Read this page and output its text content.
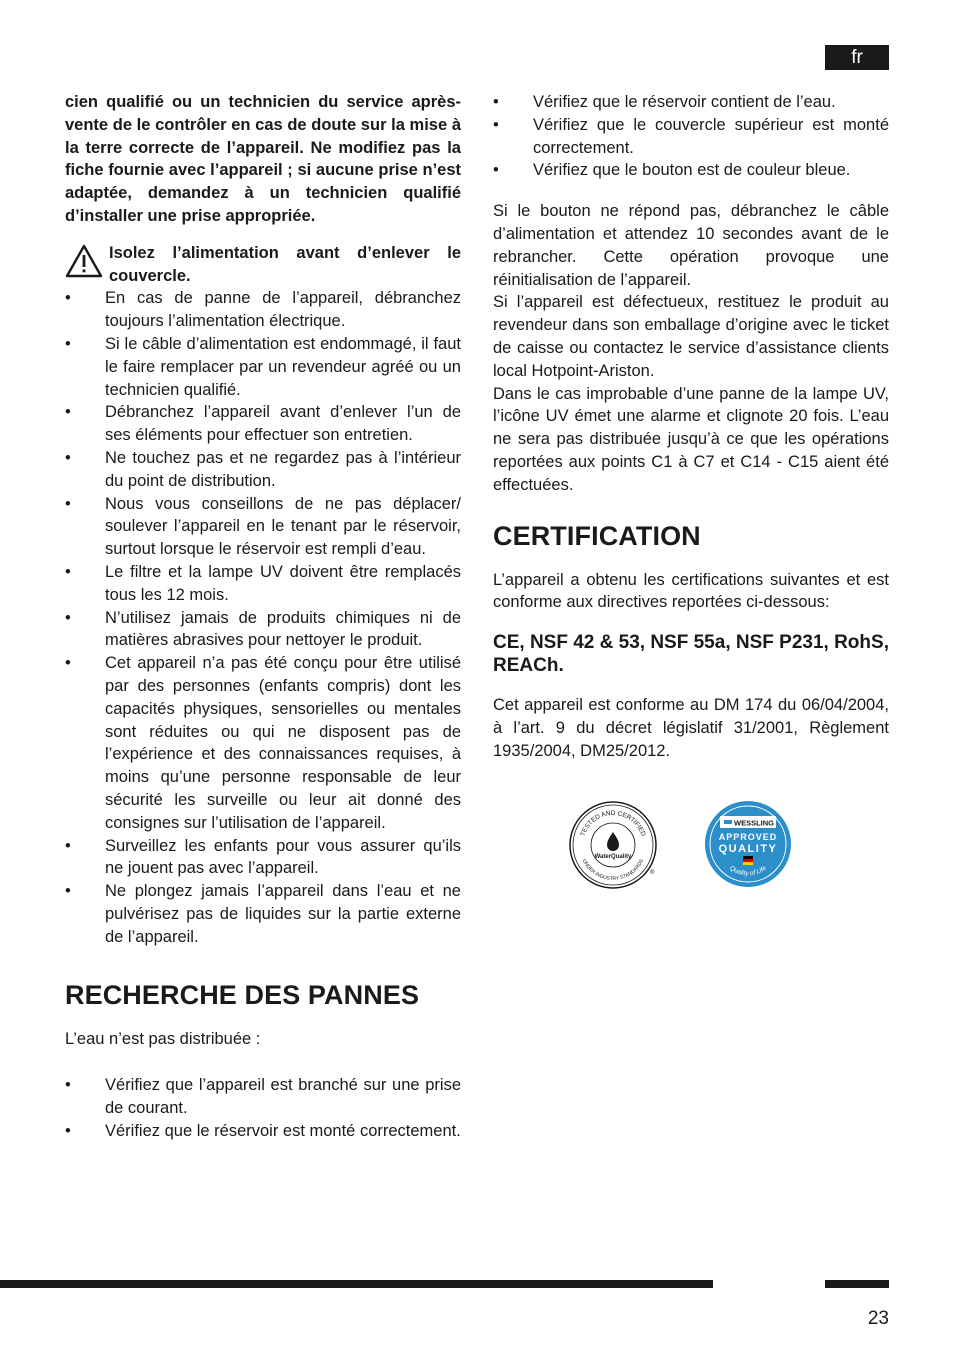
fr

cien qualifié ou un technicien du service après-vente de le contrôler en cas de doute sur la mise à la terre correcte de l’appareil. Ne modifiez pas la fiche fournie avec l’appareil ; si aucune prise n’est adaptée, demandez à un technicien qualifié d’installer une prise appropriée.

Isolez l’alimentation avant d’enlever le couvercle.
• En cas de panne de l’appareil, débranchez toujours l’alimentation électrique.
• Si le câble d’alimentation est endommagé, il faut le faire remplacer par un revendeur agréé ou un technicien qualifié.
• Débranchez l’appareil avant d’enlever l’un de ses éléments pour effectuer son entretien.
• Ne touchez pas et ne regardez pas à l’intérieur du point de distribution.
• Nous vous conseillons de ne pas déplacer/ soulever l’appareil en le tenant par le réservoir, surtout lorsque le réservoir est rempli d’eau.
• Le filtre et la lampe UV doivent être remplacés tous les 12 mois.
• N’utilisez jamais de produits chimiques ni de matières abrasives pour nettoyer le produit.
• Cet appareil n’a pas été conçu pour être utilisé par des personnes (enfants compris) dont les capacités physiques, sensorielles ou mentales sont réduites ou qui ne disposent pas de l’expérience et des connaissances requises, à moins qu’une personne responsable de leur sécurité les surveille ou leur ait donné des consignes sur l’utilisation de l’appareil.
• Surveillez les enfants pour vous assurer qu’ils ne jouent pas avec l’appareil.
• Ne plongez jamais l’appareil dans l’eau et ne pulvérisez pas de liquides sur la partie externe de l’appareil.
RECHERCHE DES PANNES

L’eau n’est pas distribuée :

• Vérifiez que l’appareil est branché sur une prise de courant.
• Vérifiez que le réservoir est monté correctement.
• Vérifiez que le réservoir contient de l’eau.
• Vérifiez que le couvercle supérieur est monté correctement.
• Vérifiez que le bouton est de couleur bleue.

Si le bouton ne répond pas, débranchez le câble d’alimentation et attendez 10 secondes avant de le rebrancher. Cette opération provoque une réinitialisation de l’appareil.

Si l’appareil est défectueux, restituez le produit au revendeur dans son emballage d’origine avec le ticket de caisse ou contactez le service d’assistance clients local Hotpoint-Ariston.

Dans le cas improbable d’une panne de la lampe UV, l’icône UV émet une alarme et clignote 20 fois. L’eau ne sera pas distribuée jusqu’à ce que les opérations reportées aux points C1 à C7 et C14 - C15 aient été effectuées.

CERTIFICATION

L’appareil a obtenu les certifications suivantes et est conforme aux directives reportées ci-dessous:

CE, NSF 42 & 53, NSF 55a, NSF P231, RohS, REACh.

Cet appareil est conforme au DM 174 du 06/04/2004, à l’art. 9 du décret législatif 31/2001, Règlement 1935/2004, DM25/2012.

TESTED AND CERTIFIED
UNDER INDUSTRY STANDARDS
WaterQuality
®
WESSLING
APPROVED
QUALITY
Quality of Life
23
